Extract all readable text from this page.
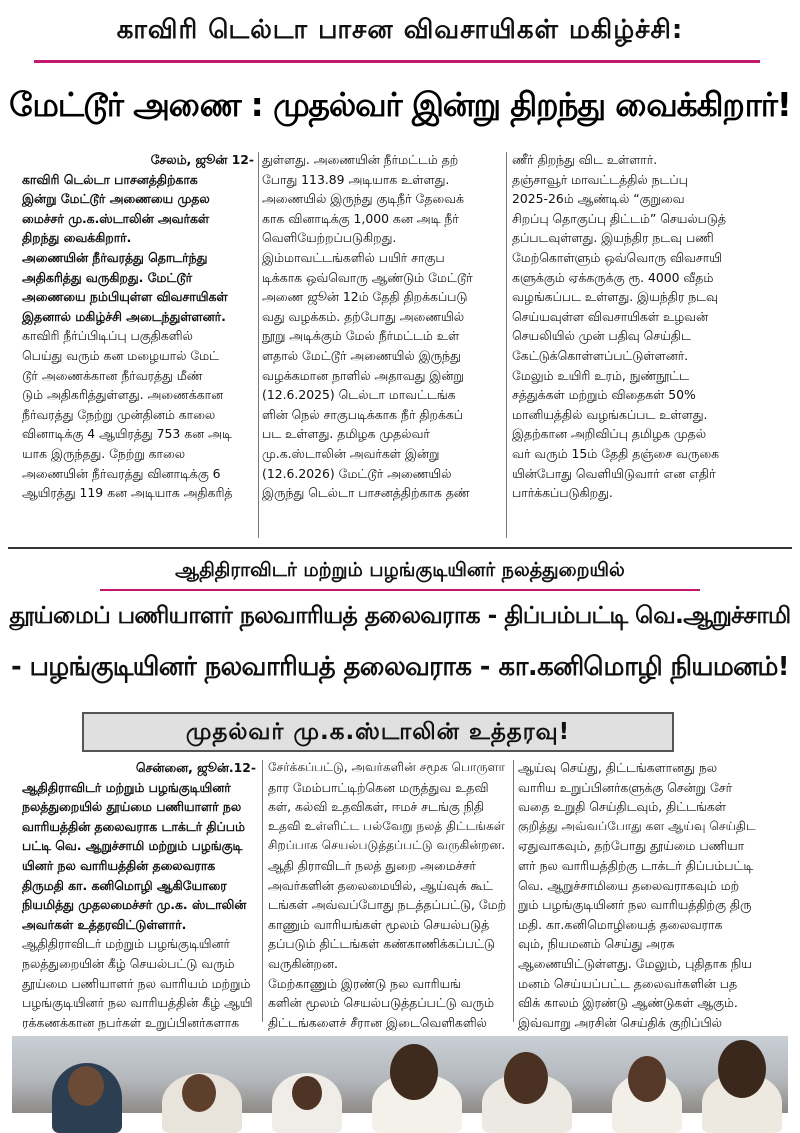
காவிரி டெல்டா பாசன விவசாயிகள் மகிழ்ச்சி:
மேட்டூர் அணை : முதல்வர் இன்று திறந்து வைக்கிறார்!
சேலம், ஜூன் 12-
காவிரி டெல்டா பாசனத்திற்காக
இன்று மேட்டூர் அணையை முதல
மைச்சர் மு.க.ஸ்டாலின் அவர்கள்
திறந்து வைக்கிறார்.
அணையின் நீர்வரத்து தொடர்ந்து
அதிகரித்து வருகிறது. மேட்டூர்
அணையை நம்பியுள்ள விவசாயிகள்
இதனால் மகிழ்ச்சி அடைந்துள்ளனர்.
காவிரி நீர்ப்பிடிப்பு பகுதிகளில்
பெய்து வரும் கன மழையால் மேட்
டூர் அணைக்கான நீர்வரத்து மீண்
டும் அதிகரித்துள்ளது. அணைக்கான
நீர்வரத்து நேற்று முன்தினம் காலை
வினாடிக்கு 4 ஆயிரத்து 753 கன அடி
யாக இருந்தது. நேற்று காலை
அணையின் நீர்வரத்து வினாடிக்கு 6
ஆயிரத்து 119 கன அடியாக அதிகரித்
துள்ளது. அணையின் நீர்மட்டம் தற்
போது 113.89 அடியாக உள்ளது.
அணையில் இருந்து குடிநீர் தேவைக்
காக வினாடிக்கு 1,000 கன அடி நீர்
வெளியேற்றப்படுகிறது.
இம்மாவட்டங்களில் பயிர் சாகுப
டிக்காக ஒவ்வொரு ஆண்டும் மேட்டூர்
அணை ஜூன் 12ம் தேதி திறக்கப்படு
வது வழக்கம். தற்போது அணையில்
நூறு அடிக்கும் மேல் நீர்மட்டம் உள்
ளதால் மேட்டூர் அணையில் இருந்து
வழக்கமான நாளில் அதாவது இன்று
(12.6.2025) டெல்டா மாவட்டங்க
ளின் நெல் சாகுபடிக்காக நீர் திறக்கப்
பட உள்ளது. தமிழக முதல்வர்
மு.க.ஸ்டாலின் அவர்கள் இன்று
(12.6.2026) மேட்டூர் அணையில்
இருந்து டெல்டா பாசனத்திற்காக தண்
ணீர் திறந்து விட உள்ளார்.
தஞ்சாவூர் மாவட்டத்தில் நடப்பு
2025-26ம் ஆண்டில் “குறுவை
சிறப்பு தொகுப்பு திட்டம்” செயல்படுத்
தப்படவுள்ளது. இயந்திர நடவு பணி
மேற்கொள்ளும் ஒவ்வொரு விவசாயி
களுக்கும் ஏக்கருக்கு ரூ. 4000 வீதம்
வழங்கப்பட உள்ளது. இயந்திர நடவு
செய்யவுள்ள விவசாயிகள் உழவன்
செயலியில் முன் பதிவு செய்திட
கேட்டுக்கொள்ளப்பட்டுள்ளனர்.
மேலும் உயிரி உரம், நுண்நூட்ட
சத்துக்கள் மற்றும் விதைகள் 50%
மானியத்தில் வழங்கப்பட உள்ளது.
இதற்கான அறிவிப்பு தமிழக முதல்
வர் வரும் 15ம் தேதி தஞ்சை வருகை
யின்போது வெளியிடுவார் என எதிர்
பார்க்கப்படுகிறது.
ஆதிதிராவிடர் மற்றும் பழங்குடியினர் நலத்துறையில்
தூய்மைப் பணியாளர் நலவாரியத் தலைவராக - திப்பம்பட்டி வெ.ஆறுச்சாமி
- பழங்குடியினர் நலவாரியத் தலைவராக - கா.கனிமொழி நியமனம்!
முதல்வர் மு.க.ஸ்டாலின் உத்தரவு!
சென்னை, ஜூன்.12-
ஆதிதிராவிடர் மற்றும் பழங்குடியினர்
நலத்துறையில் தூய்மை பணியாளர் நல
வாரியத்தின் தலைவராக டாக்டர் திப்பம்
பட்டி வெ. ஆறுச்சாமி மற்றும் பழங்குடி
யினர் நல வாரியத்தின் தலைவராக
திருமதி கா. கனிமொழி ஆகியோரை
நியமித்து முதலமைச்சர் மு.க. ஸ்டாலின்
அவர்கள் உத்தரவிட்டுள்ளார்.
ஆதிதிராவிடர் மற்றும் பழங்குடியினர்
நலத்துறையின் கீழ் செயல்பட்டு வரும்
தூய்மை பணியாளர் நல வாரியம் மற்றும்
பழங்குடியினர் நல வாரியத்தின் கீழ் ஆயி
ரக்கணக்கான நபர்கள் உறுப்பினர்களாக
சேர்க்கப்பட்டு, அவர்களின் சமூக பொருளா
தார மேம்பாட்டிற்கென மருத்துவ உதவி
கள், கல்வி உதவிகள், ஈமச் சடங்கு நிதி
உதவி உள்ளிட்ட பல்வேறு நலத் திட்டங்கள்
சிறப்பாக செயல்படுத்தப்பட்டு வருகின்றன.
ஆதி திராவிடர் நலத் துறை அமைச்சர்
அவர்களின் தலைமையில், ஆய்வுக் கூட்
டங்கள் அவ்வப்போது நடத்தப்பட்டு, மேற்
காணும் வாரியங்கள் மூலம் செயல்படுத்
தப்படும் திட்டங்கள் கண்காணிக்கப்பட்டு
வருகின்றன.
மேற்காணும் இரண்டு நல வாரியங்
களின் மூலம் செயல்படுத்தப்பட்டு வரும்
திட்டங்களைச் சீரான இடைவெளிகளில்
ஆய்வு செய்து, திட்டங்களானது நல
வாரிய உறுப்பினர்களுக்கு சென்று சேர்
வதை உறுதி செய்திடவும், திட்டங்கள்
குறித்து அவ்வப்போது கள ஆய்வு செய்திட
ஏதுவாகவும், தற்போது தூய்மை பணியா
ளர் நல வாரியத்திற்கு டாக்டர் திப்பம்பட்டி
வெ. ஆறுச்சாமியை தலைவராகவும் மற்
றும் பழங்குடியினர் நல வாரியத்திற்கு திரு
மதி. கா.கனிமொழியைத் தலைவராக
வும், நியமனம் செய்து அரசு
ஆணையிட்டுள்ளது. மேலும், புதிதாக நிய
மனம் செய்யப்பட்ட தலைவர்களின் பத
விக் காலம் இரண்டு ஆண்டுகள் ஆகும்.
இவ்வாறு அரசின் செய்திக் குறிப்பில்
